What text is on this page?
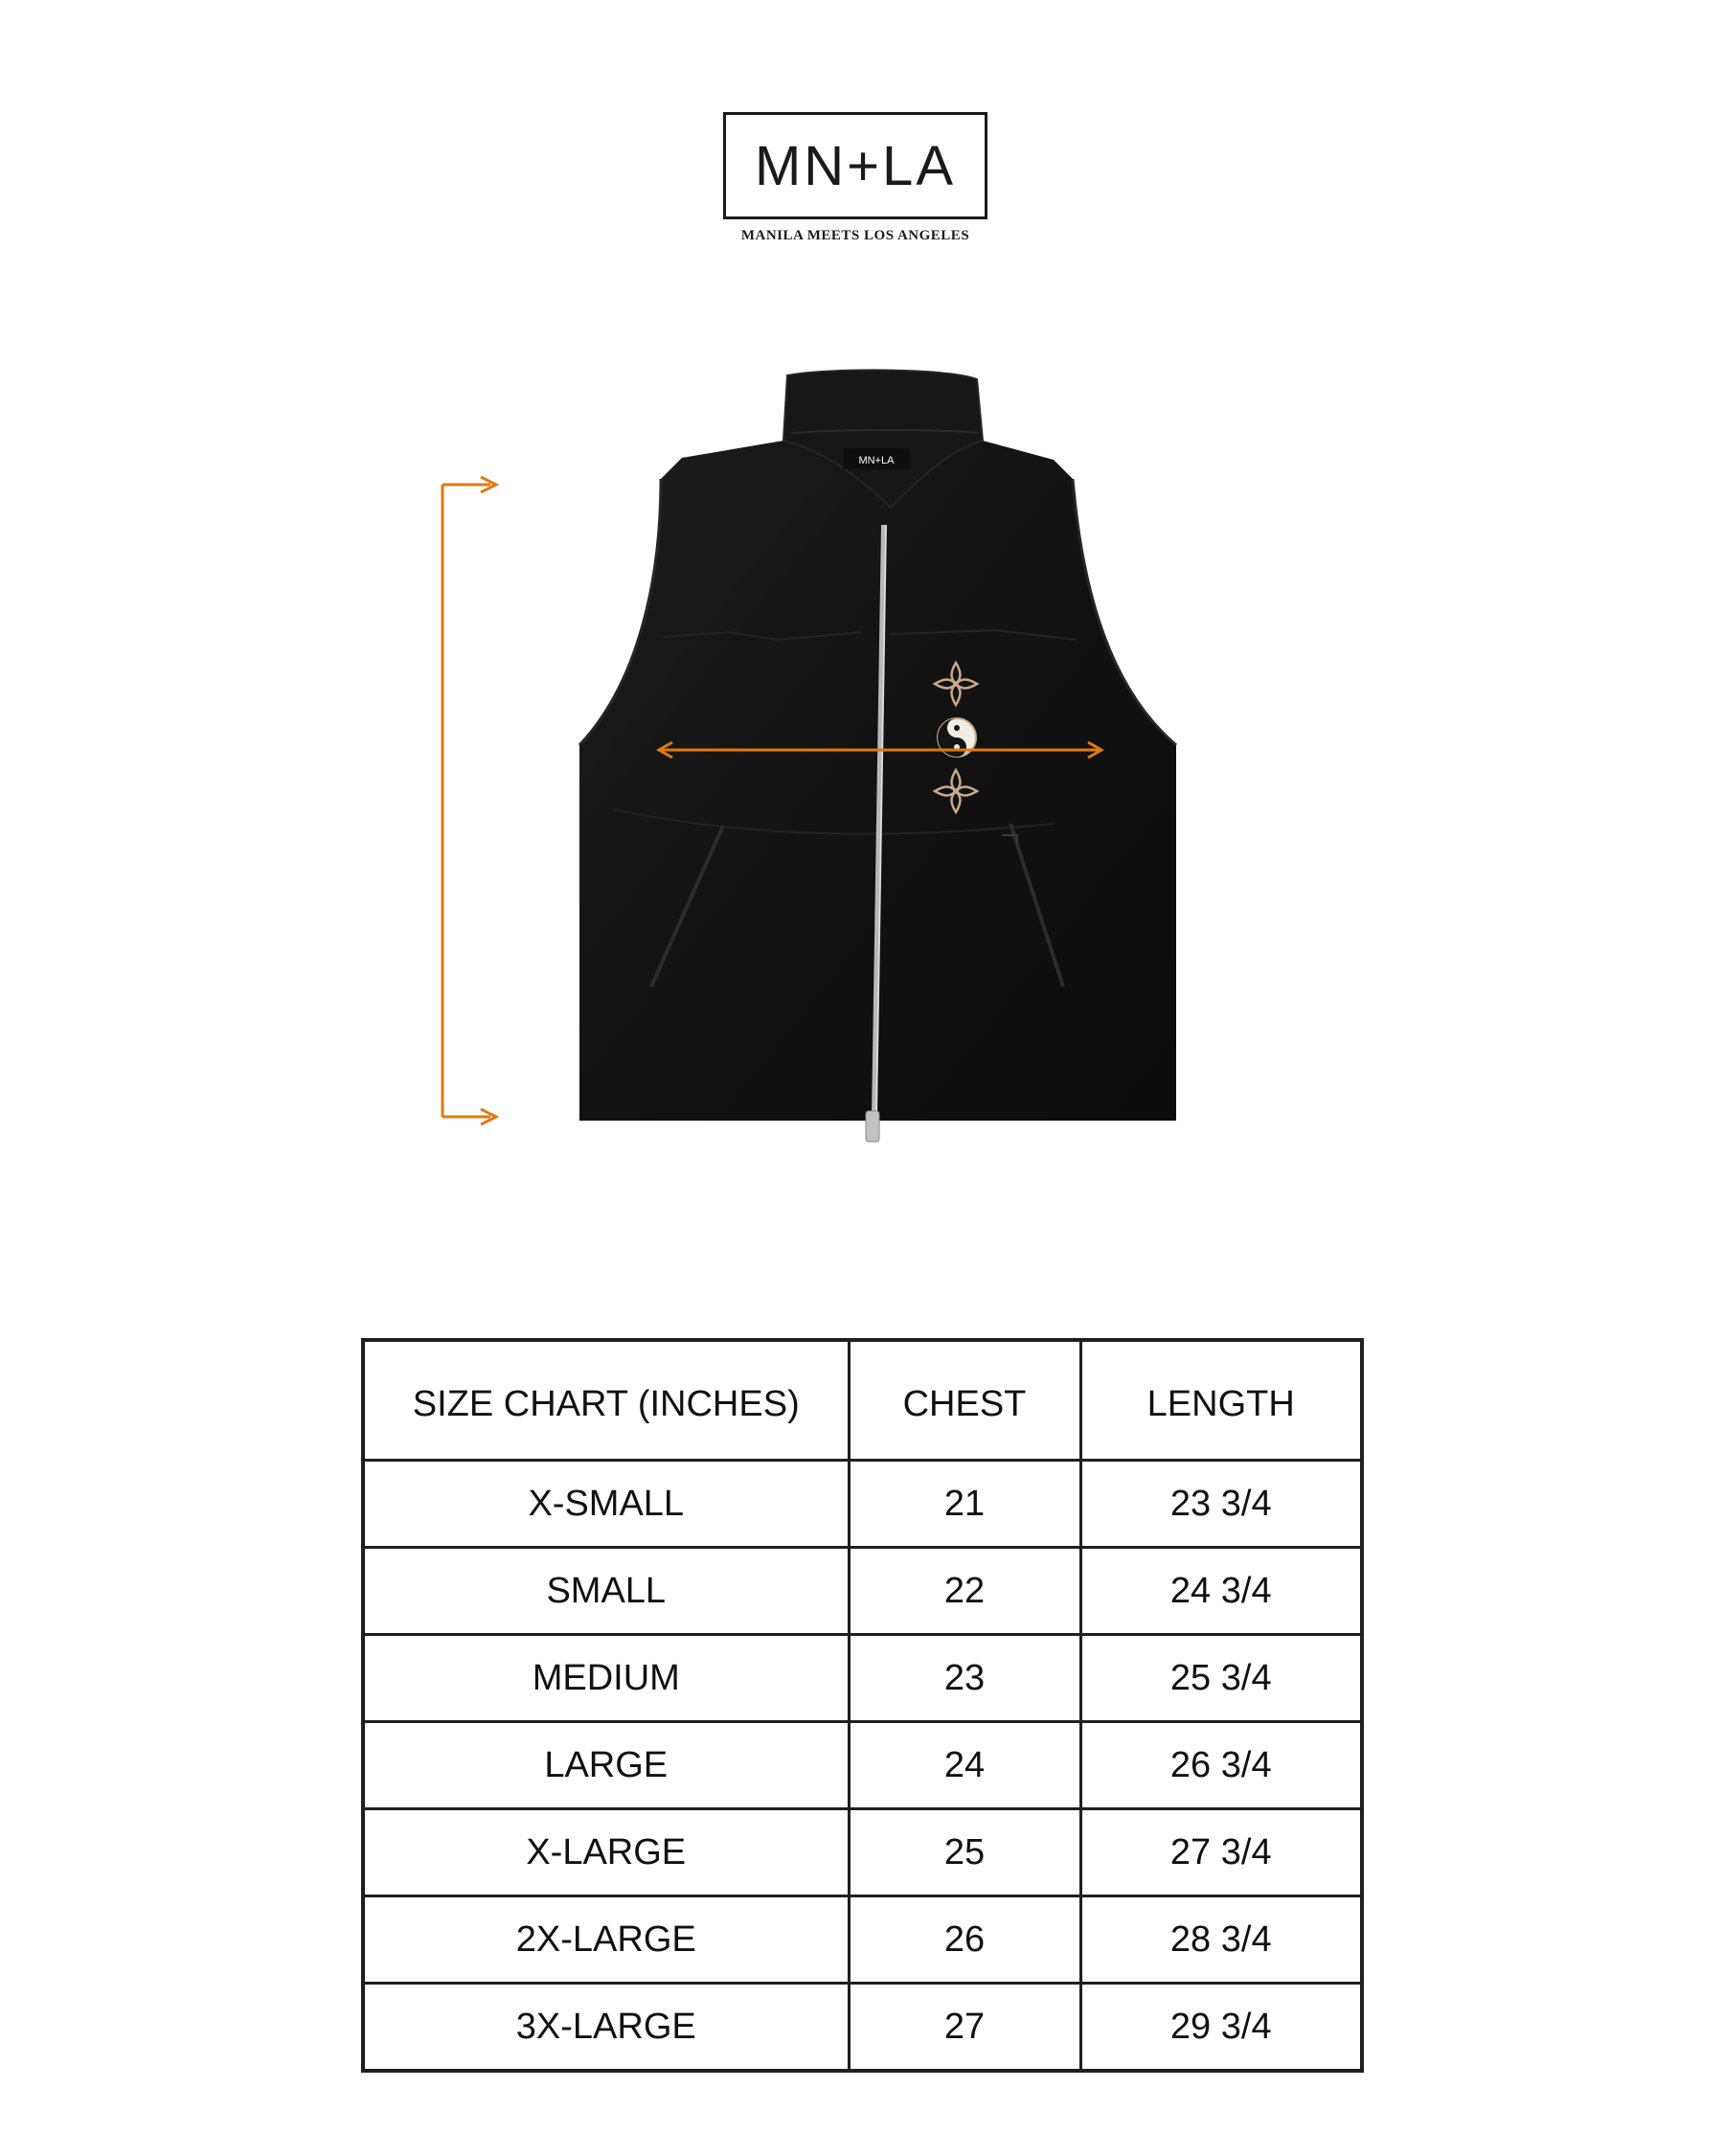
MN+LA
MANILA MEETS LOS ANGELES
MN+LA
SIZE CHART (INCHES)	CHEST	LENGTH
X-SMALL	21	23 3/4
SMALL	22	24 3/4
MEDIUM	23	25 3/4
LARGE	24	26 3/4
X-LARGE	25	27 3/4
2X-LARGE	26	28 3/4
3X-LARGE	27	29 3/4
